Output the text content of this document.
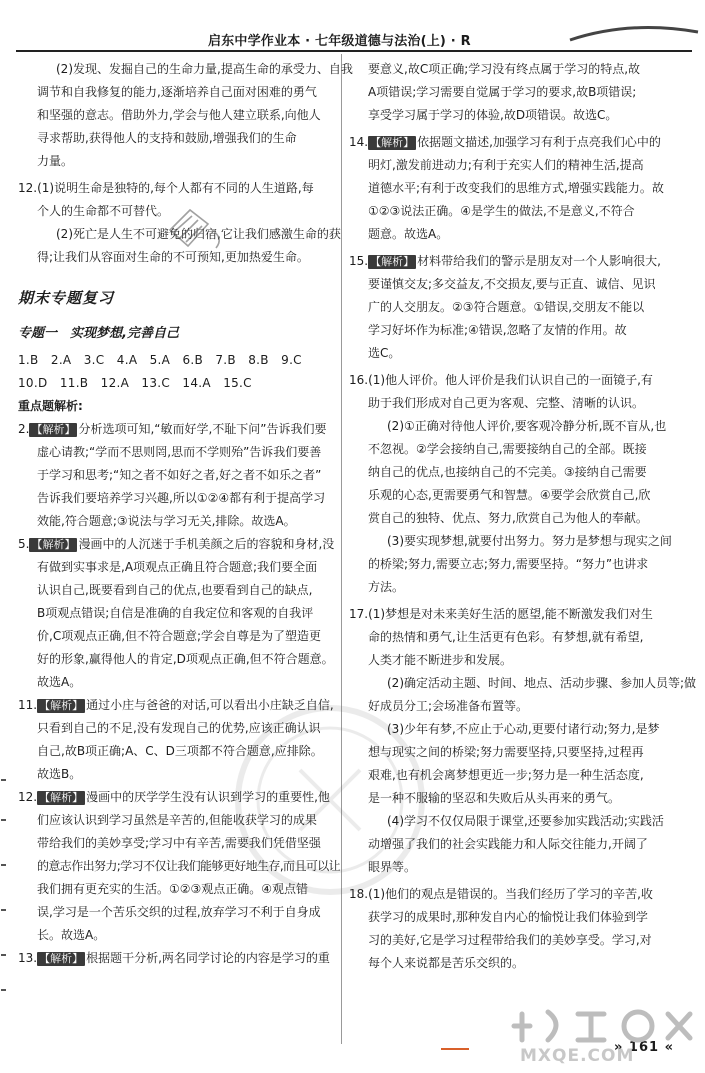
启东中学作业本 · 七年级道德与法治(上) · R
(2)发现、发掘自己的生命力量,提高生命的承受力、自我
调节和自我修复的能力,逐渐培养自己面对困难的勇气
和坚强的意志。借助外力,学会与他人建立联系,向他人
寻求帮助,获得他人的支持和鼓励,增强我们的生命
力量。
12.(1)说明生命是独特的,每个人都有不同的人生道路,每
个人的生命都不可替代。
(2)死亡是人生不可避免的归宿,它让我们感激生命的获
得;让我们从容面对生命的不可预知,更加热爱生命。
期末专题复习
专题一　实现梦想,完善自己
1.B　2.A　3.C　4.A　5.A　6.B　7.B　8.B　9.C
10.D　11.B　12.A　13.C　14.A　15.C
重点题解析:
2. 【解析】 分析选项可知,“敏而好学,不耻下问”告诉我们要
虚心请教;“学而不思则罔,思而不学则殆”告诉我们要善
于学习和思考;“知之者不如好之者,好之者不如乐之者”
告诉我们要培养学习兴趣,所以①②④都有利于提高学习
效能,符合题意;③说法与学习无关,排除。故选A。
5. 【解析】 漫画中的人沉迷于手机美颜之后的容貌和身材,没
有做到实事求是,A项观点正确且符合题意;我们要全面
认识自己,既要看到自己的优点,也要看到自己的缺点,
B项观点错误;自信是准确的自我定位和客观的自我评
价,C项观点正确,但不符合题意;学会自尊是为了塑造更
好的形象,赢得他人的肯定,D项观点正确,但不符合题意。
故选A。
11. 【解析】 通过小庄与爸爸的对话,可以看出小庄缺乏自信,
只看到自己的不足,没有发现自己的优势,应该正确认识
自己,故B项正确;A、C、D三项都不符合题意,应排除。
故选B。
12. 【解析】 漫画中的厌学学生没有认识到学习的重要性,他
们应该认识到学习虽然是辛苦的,但能收获学习的成果
带给我们的美妙享受;学习中有辛苦,需要我们凭借坚强
的意志作出努力;学习不仅让我们能够更好地生存,而且可以让
我们拥有更充实的生活。①②③观点正确。④观点错
误,学习是一个苦乐交织的过程,放弃学习不利于自身成
长。故选A。
13. 【解析】 根据题干分析,两名同学讨论的内容是学习的重
要意义,故C项正确;学习没有终点属于学习的特点,故
A项错误;学习需要自觉属于学习的要求,故B项错误;
享受学习属于学习的体验,故D项错误。故选C。
14. 【解析】 依据题文描述,加强学习有利于点亮我们心中的
明灯,激发前进动力;有利于充实人们的精神生活,提高
道德水平;有利于改变我们的思维方式,增强实践能力。故
①②③说法正确。④是学生的做法,不是意义,不符合
题意。故选A。
15. 【解析】 材料带给我们的警示是朋友对一个人影响很大,
要谨慎交友;多交益友,不交损友,要与正直、诚信、见识
广的人交朋友。②③符合题意。①错误,交朋友不能以
学习好坏作为标准;④错误,忽略了友情的作用。故
选C。
16.(1)他人评价。他人评价是我们认识自己的一面镜子,有
助于我们形成对自己更为客观、完整、清晰的认识。
(2)①正确对待他人评价,要客观冷静分析,既不盲从,也
不忽视。②学会接纳自己,需要接纳自己的全部。既接
纳自己的优点,也接纳自己的不完美。③接纳自己需要
乐观的心态,更需要勇气和智慧。④要学会欣赏自己,欣
赏自己的独特、优点、努力,欣赏自己为他人的奉献。
(3)要实现梦想,就要付出努力。努力是梦想与现实之间
的桥梁;努力,需要立志;努力,需要坚持。“努力”也讲求
方法。
17.(1)梦想是对未来美好生活的愿望,能不断激发我们对生
命的热情和勇气,让生活更有色彩。有梦想,就有希望,
人类才能不断进步和发展。
(2)确定活动主题、时间、地点、活动步骤、参加人员等;做
好成员分工;会场准备布置等。
(3)少年有梦,不应止于心动,更要付诸行动;努力,是梦
想与现实之间的桥梁;努力需要坚持,只要坚持,过程再
艰难,也有机会离梦想更近一步;努力是一种生活态度,
是一种不服输的坚忍和失败后从头再来的勇气。
(4)学习不仅仅局限于课堂,还要参加实践活动;实践活
动增强了我们的社会实践能力和人际交往能力,开阔了
眼界等。
18.(1)他们的观点是错误的。当我们经历了学习的辛苦,收
获学习的成果时,那种发自内心的愉悦让我们体验到学
习的美好,它是学习过程带给我们的美妙享受。学习,对
每个人来说都是苦乐交织的。
» 161 «
MXQE.COM
